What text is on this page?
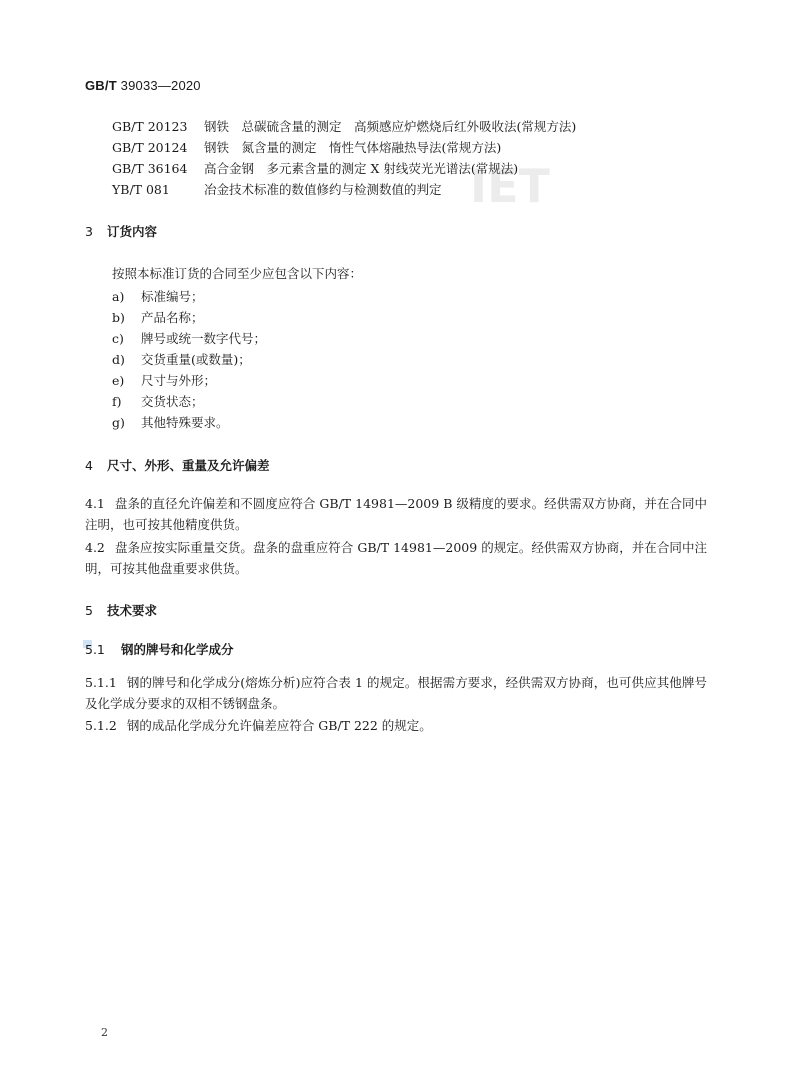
GB/T 39033—2020
ΙΕΤ
GB/T 20123 钢铁　总碳硫含量的测定　高频感应炉燃烧后红外吸收法(常规方法)
GB/T 20124 钢铁　氮含量的测定　惰性气体熔融热导法(常规方法)
GB/T 36164 高合金钢　多元素含量的测定 X 射线荧光光谱法(常规法)
YB/T 081	冶金技术标准的数值修约与检测数值的判定
3 订货内容
按照本标准订货的合同至少应包含以下内容：
a) 标准编号；
b) 产品名称；
c) 牌号或统一数字代号；
d) 交货重量(或数量)；
e) 尺寸与外形；
f) 交货状态；
g) 其他特殊要求。
4 尺寸、外形、重量及允许偏差
4.1 盘条的直径允许偏差和不圆度应符合 GB/T 14981—2009 B 级精度的要求。经供需双方协商，并在合同中注明，也可按其他精度供货。
4.2 盘条应按实际重量交货。盘条的盘重应符合 GB/T 14981—2009 的规定。经供需双方协商，并在合同中注明，可按其他盘重要求供货。
5 技术要求
5.1 钢的牌号和化学成分
5.1.1 钢的牌号和化学成分(熔炼分析)应符合表 1 的规定。根据需方要求，经供需双方协商，也可供应其他牌号及化学成分要求的双相不锈钢盘条。
5.1.2 钢的成品化学成分允许偏差应符合 GB/T 222 的规定。
2
